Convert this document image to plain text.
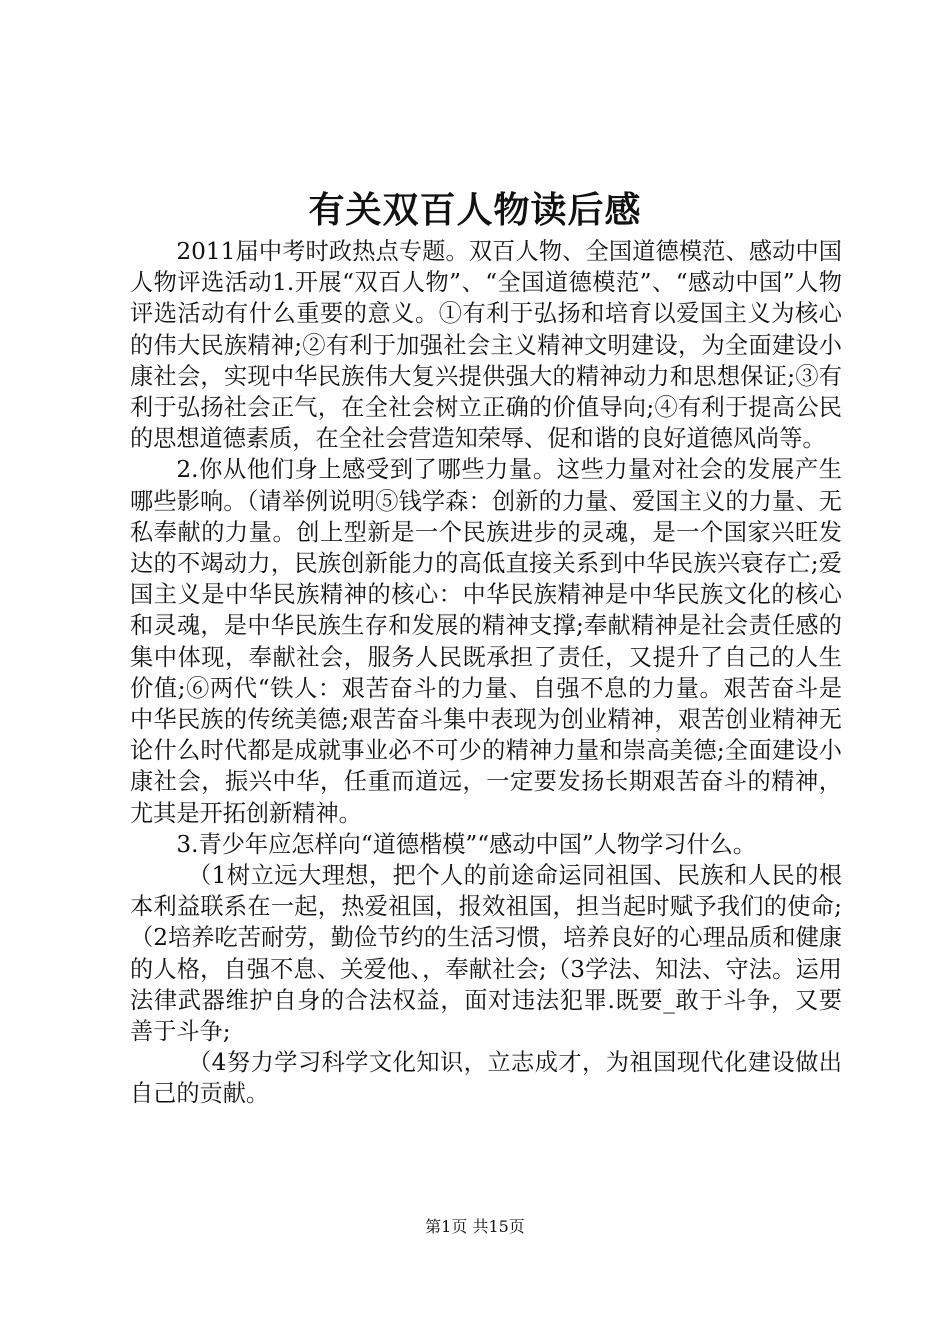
有关双百人物读后感

2011届中考时政热点专题。双百人物、全国道德模范、感动中国人物评选活动1.开展“双百人物”、“全国道德模范”、“感动中国”人物评选活动有什么重要的意义。①有利于弘扬和培育以爱国主义为核心的伟大民族精神;②有利于加强社会主义精神文明建设，为全面建设小康社会，实现中华民族伟大复兴提供强大的精神动力和思想保证;③有利于弘扬社会正气，在全社会树立正确的价值导向;④有利于提高公民的思想道德素质，在全社会营造知荣辱、促和谐的良好道德风尚等。

2.你从他们身上感受到了哪些力量。这些力量对社会的发展产生哪些影响。（请举例说明⑤钱学森：创新的力量、爱国主义的力量、无私奉献的力量。创上型新是一个民族进步的灵魂，是一个国家兴旺发达的不竭动力，民族创新能力的高低直接关系到中华民族兴衰存亡;爱国主义是中华民族精神的核心：中华民族精神是中华民族文化的核心和灵魂，是中华民族生存和发展的精神支撑;奉献精神是社会责任感的集中体现，奉献社会，服务人民既承担了责任，又提升了自己的人生价值;⑥两代“铁人：艰苦奋斗的力量、自强不息的力量。艰苦奋斗是中华民族的传统美德;艰苦奋斗集中表现为创业精神，艰苦创业精神无论什么时代都是成就事业必不可少的精神力量和崇高美德;全面建设小康社会，振兴中华，任重而道远，一定要发扬长期艰苦奋斗的精神，尤其是开拓创新精神。

3.青少年应怎样向“道德楷模”“感动中国”人物学习什么。

（1树立远大理想，把个人的前途命运同祖国、民族和人民的根本利益联系在一起，热爱祖国，报效祖国，担当起时赋予我们的使命;（2培养吃苦耐劳，勤俭节约的生活习惯，培养良好的心理品质和健康的人格，自强不息、关爱他、，奉献社会;（3学法、知法、守法。运用法律武器维护自身的合法权益，面对违法犯罪.既要_敢于斗争，又要善于斗争;

（4努力学习科学文化知识，立志成才，为祖国现代化建设做出自己的贡献。

第1页 共15页
